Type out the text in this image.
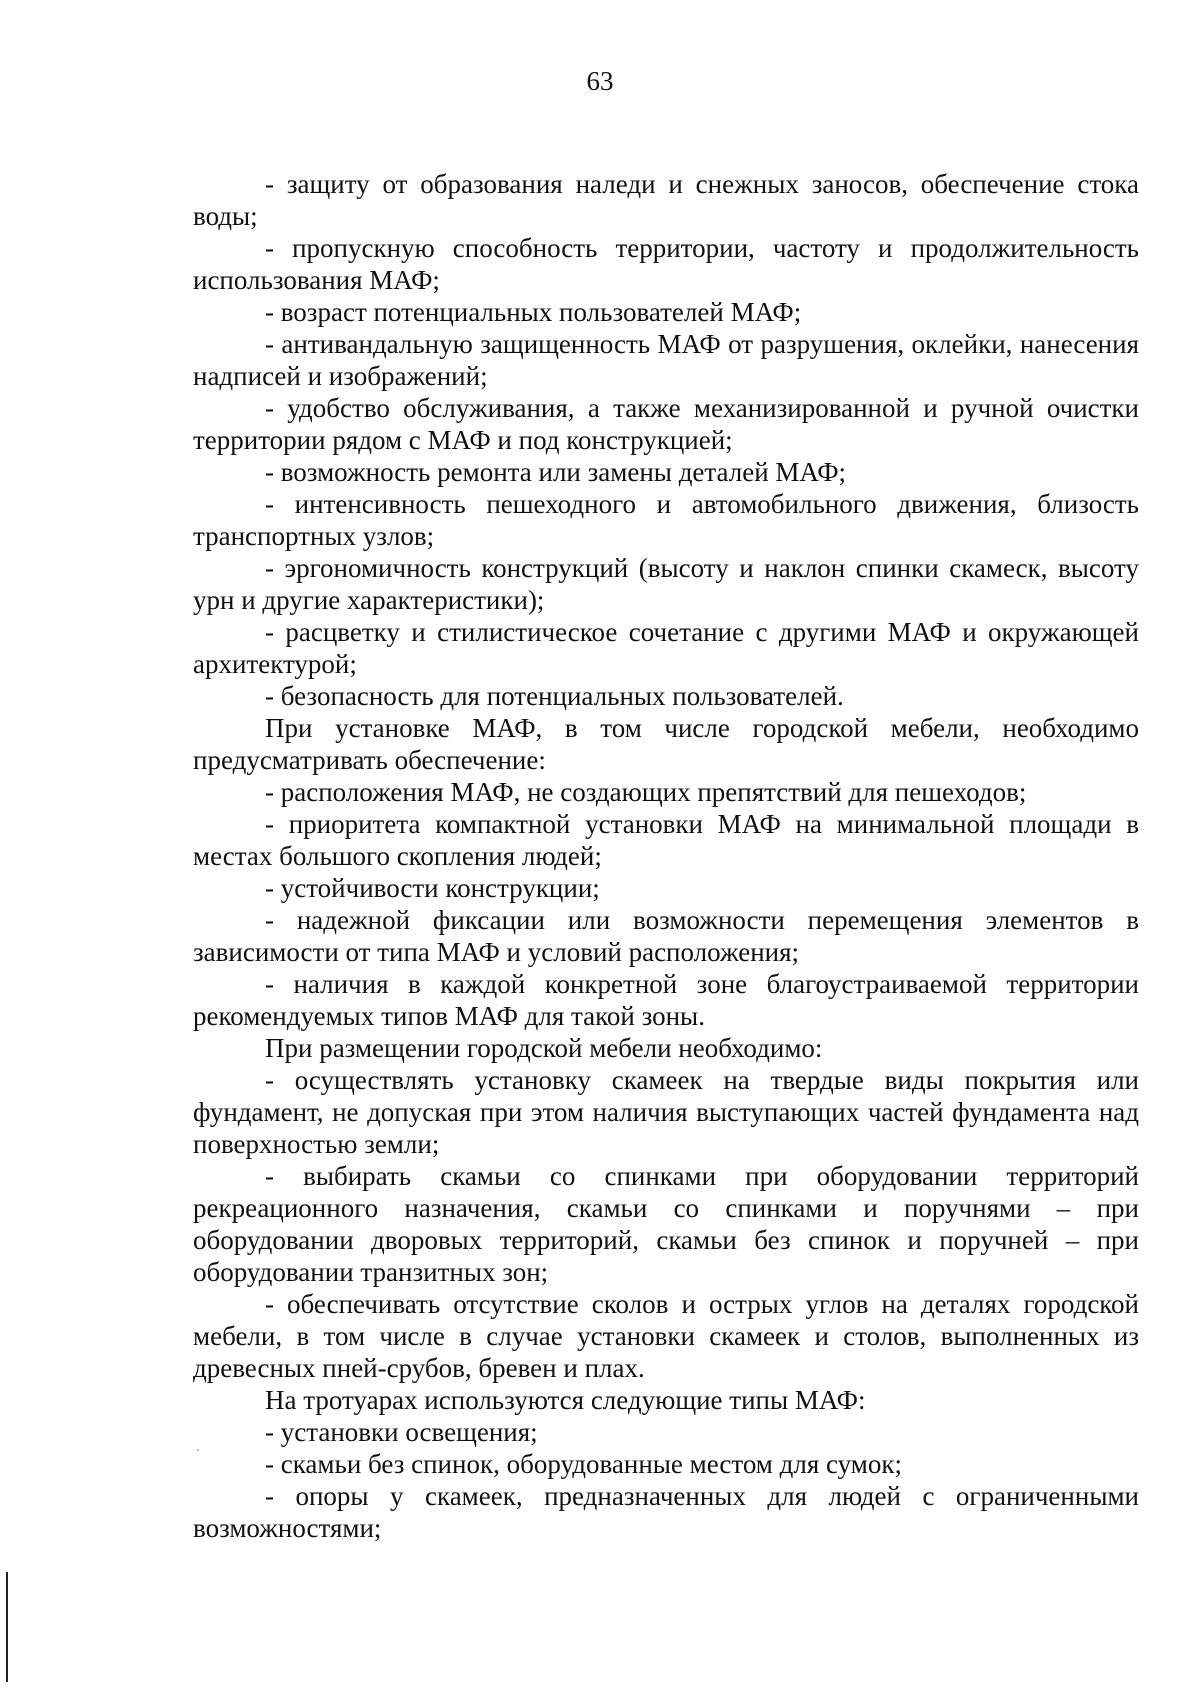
63

- защиту от образования наледи и снежных заносов, обеспечение стока воды;

- пропускную способность территории, частоту и продолжительность использования МАФ;

- возраст потенциальных пользователей МАФ;

- антивандальную защищенность МАФ от разрушения, оклейки, нанесения надписей и изображений;

- удобство обслуживания, а также механизированной и ручной очистки территории рядом с МАФ и под конструкцией;

- возможность ремонта или замены деталей МАФ;

- интенсивность пешеходного и автомобильного движения, близость транспортных узлов;

- эргономичность конструкций (высоту и наклон спинки скамеск, высоту урн и другие характеристики);

- расцветку и стилистическое сочетание с другими МАФ и окружающей архитектурой;

- безопасность для потенциальных пользователей.

При установке МАФ, в том числе городской мебели, необходимо предусматривать обеспечение:

- расположения МАФ, не создающих препятствий для пешеходов;

- приоритета компактной установки МАФ на минимальной площади в местах большого скопления людей;

- устойчивости конструкции;

- надежной фиксации или возможности перемещения элементов в зависимости от типа МАФ и условий расположения;

- наличия в каждой конкретной зоне благоустраиваемой территории рекомендуемых типов МАФ для такой зоны.

При размещении городской мебели необходимо:

- осуществлять установку скамеек на твердые виды покрытия или фундамент, не допуская при этом наличия выступающих частей фундамента над поверхностью земли;

- выбирать скамьи со спинками при оборудовании территорий рекреационного назначения, скамьи со спинками и поручнями – при оборудовании дворовых территорий, скамьи без спинок и поручней – при оборудовании транзитных зон;

- обеспечивать отсутствие сколов и острых углов на деталях городской мебели, в том числе в случае установки скамеек и столов, выполненных из древесных пней-срубов, бревен и плах.

На тротуарах используются следующие типы МАФ:

- установки освещения;

- скамьи без спинок, оборудованные местом для сумок;

- опоры у скамеек, предназначенных для людей с ограниченными возможностями;
